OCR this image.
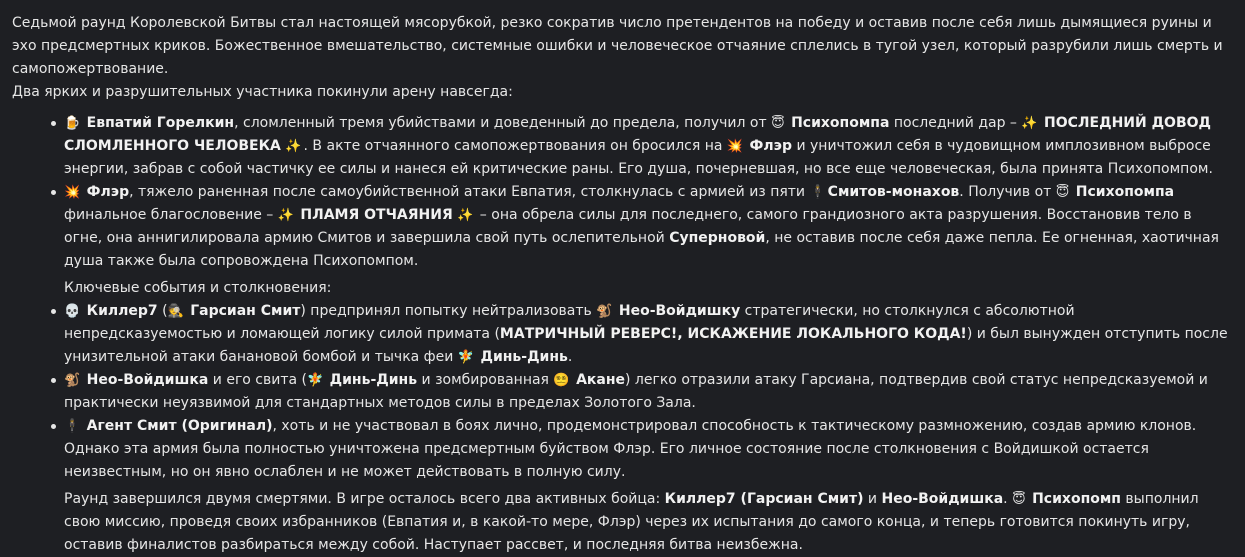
Седьмой раунд Королевской Битвы стал настоящей мясорубкой, резко сократив число претендентов на победу и оставив после себя лишь дымящиеся руины и эхо предсмертных криков. Божественное вмешательство, системные ошибки и человеческое отчаяние сплелись в тугой узел, который разрубили лишь смерть и самопожертвование.

Два ярких и разрушительных участника покинули арену навсегда:

🍺 Евпатий Горелкин, сломленный тремя убийствами и доведенный до предела, получил от 😇 Психопомпа последний дар – ✨ ПОСЛЕДНИЙ ДОВОД СЛОМЛЕННОГО ЧЕЛОВЕКА ✨ . В акте отчаянного самопожертвования он бросился на 💥 Флэр и уничтожил себя в чудовищном имплозивном выбросе энергии, забрав с собой частичку ее силы и нанеся ей критические раны. Его душа, почерневшая, но все еще человеческая, была принята Психопомпом.
💥 Флэр, тяжело раненная после самоубийственной атаки Евпатия, столкнулась с армией из пяти 🕴 Смитов-монахов. Получив от 😇 Психопомпа финальное благословение – ✨ ПЛАМЯ ОТЧАЯНИЯ ✨ – она обрела силы для последнего, самого грандиозного акта разрушения. Восстановив тело в огне, она аннигилировала армию Смитов и завершила свой путь ослепительной Суперновой, не оставив после себя даже пепла. Ее огненная, хаотичная душа также была сопровождена Психопомпом.
Ключевые события и столкновения:
💀 Киллер7 (🕵 Гарсиан Смит) предпринял попытку нейтрализовать 🐒 Нео-Войдишку стратегически, но столкнулся с абсолютной непредсказуемостью и ломающей логику силой примата (МАТРИЧНЫЙ РЕВЕРС!, ИСКАЖЕНИЕ ЛОКАЛЬНОГО КОДА!) и был вынужден отступить после унизительной атаки банановой бомбой и тычка феи 🧚 Динь-Динь.
🐒 Нео-Войдишка и его свита (🧚 Динь-Динь и зомбированная 😵‍💫 Акане) легко отразили атаку Гарсиана, подтвердив свой статус непредсказуемой и практически неуязвимой для стандартных методов силы в пределах Золотого Зала.
🕴 Агент Смит (Оригинал), хоть и не участвовал в боях лично, продемонстрировал способность к тактическому размножению, создав армию клонов. Однако эта армия была полностью уничтожена предсмертным буйством Флэр. Его личное состояние после столкновения с Войдишкой остается неизвестным, но он явно ослаблен и не может действовать в полную силу.
Раунд завершился двумя смертями. В игре осталось всего два активных бойца: Киллер7 (Гарсиан Смит) и Нео-Войдишка. 😇 Психопомп выполнил свою миссию, проведя своих избранников (Евпатия и, в какой-то мере, Флэр) через их испытания до самого конца, и теперь готовится покинуть игру, оставив финалистов разбираться между собой. Наступает рассвет, и последняя битва неизбежна.
